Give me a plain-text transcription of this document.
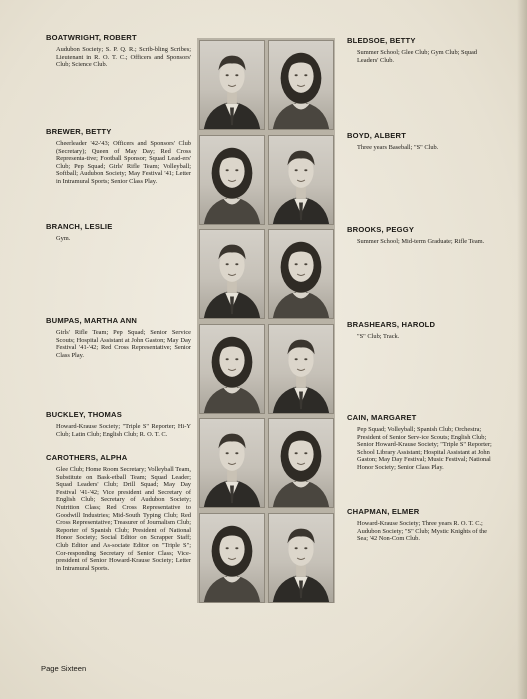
BOATWRIGHT, ROBERT

Audubon Society; S. P. Q. R.; Scrib-bling Scribes; Lieutenant in R. O. T. C.; Officers and Sponsors' Club; Science Club.

BREWER, BETTY

Cheerleader '42-'43; Officers and Sponsors' Club (Secretary); Queen of May Day; Red Cross Representa-tive; Football Sponsor; Squad Lead-ers' Club; Pep Squad; Girls' Rifle Team; Volleyball; Softball; Audubon Society; May Festival '41; Letter in Intramural Sports; Senior Class Play.

BRANCH, LESLIE

Gym.

BUMPAS, MARTHA ANN

Girls' Rifle Team; Pep Squad; Senior Service Scouts; Hospital Assistant at John Gaston; May Day Festival '41-'42; Red Cross Representative; Senior Class Play.

BUCKLEY, THOMAS

Howard-Krause Society; "Triple S" Reporter; Hi-Y Club; Latin Club; English Club; R. O. T. C.

CAROTHERS, ALPHA

Glee Club; Home Room Secretary; Volleyball Team, Substitute on Bask-etball Team; Squad Leader; Squad Leaders' Club; Drill Squad; May Day Festival '41-'42; Vice president and Secretary of English Club; Secretary of Audubon Society; Nutrition Class; Red Cross Representative to Goodwill Industries; Mid-South Typing Club; Red Cross Representative; Treasurer of Journalism Club; Reporter of Spanish Club; President of National Honor Society; Social Editor on Scrapper Staff; Club Editor and As-sociate Editor on "Triple S"; Cor-responding Secretary of Senior Class; Vice-president of Senior Howard-Krause Society; Letter in Intramural Sports.

BLEDSOE, BETTY

Summer School; Glee Club; Gym Club; Squad Leaders' Club.

BOYD, ALBERT

Three years Baseball; "S" Club.

BROOKS, PEGGY

Summer School; Mid-term Graduate; Rifle Team.

BRASHEARS, HAROLD

"S" Club; Track.

CAIN, MARGARET

Pep Squad; Volleyball; Spanish Club; Orchestra; President of Senior Serv-ice Scouts; English Club; Senior Howard-Krause Society; "Triple S" Reporter; School Library Assistant; Hospital Assistant at John Gaston; May Day Festival; Music Festival; National Honor Society; Senior Class Play.

CHAPMAN, ELMER

Howard-Krause Society; Three years R. O. T. C.; Audubon Society; "S" Club; Mystic Knights of the Sea; '42 Non-Com Club.

Page Sixteen
